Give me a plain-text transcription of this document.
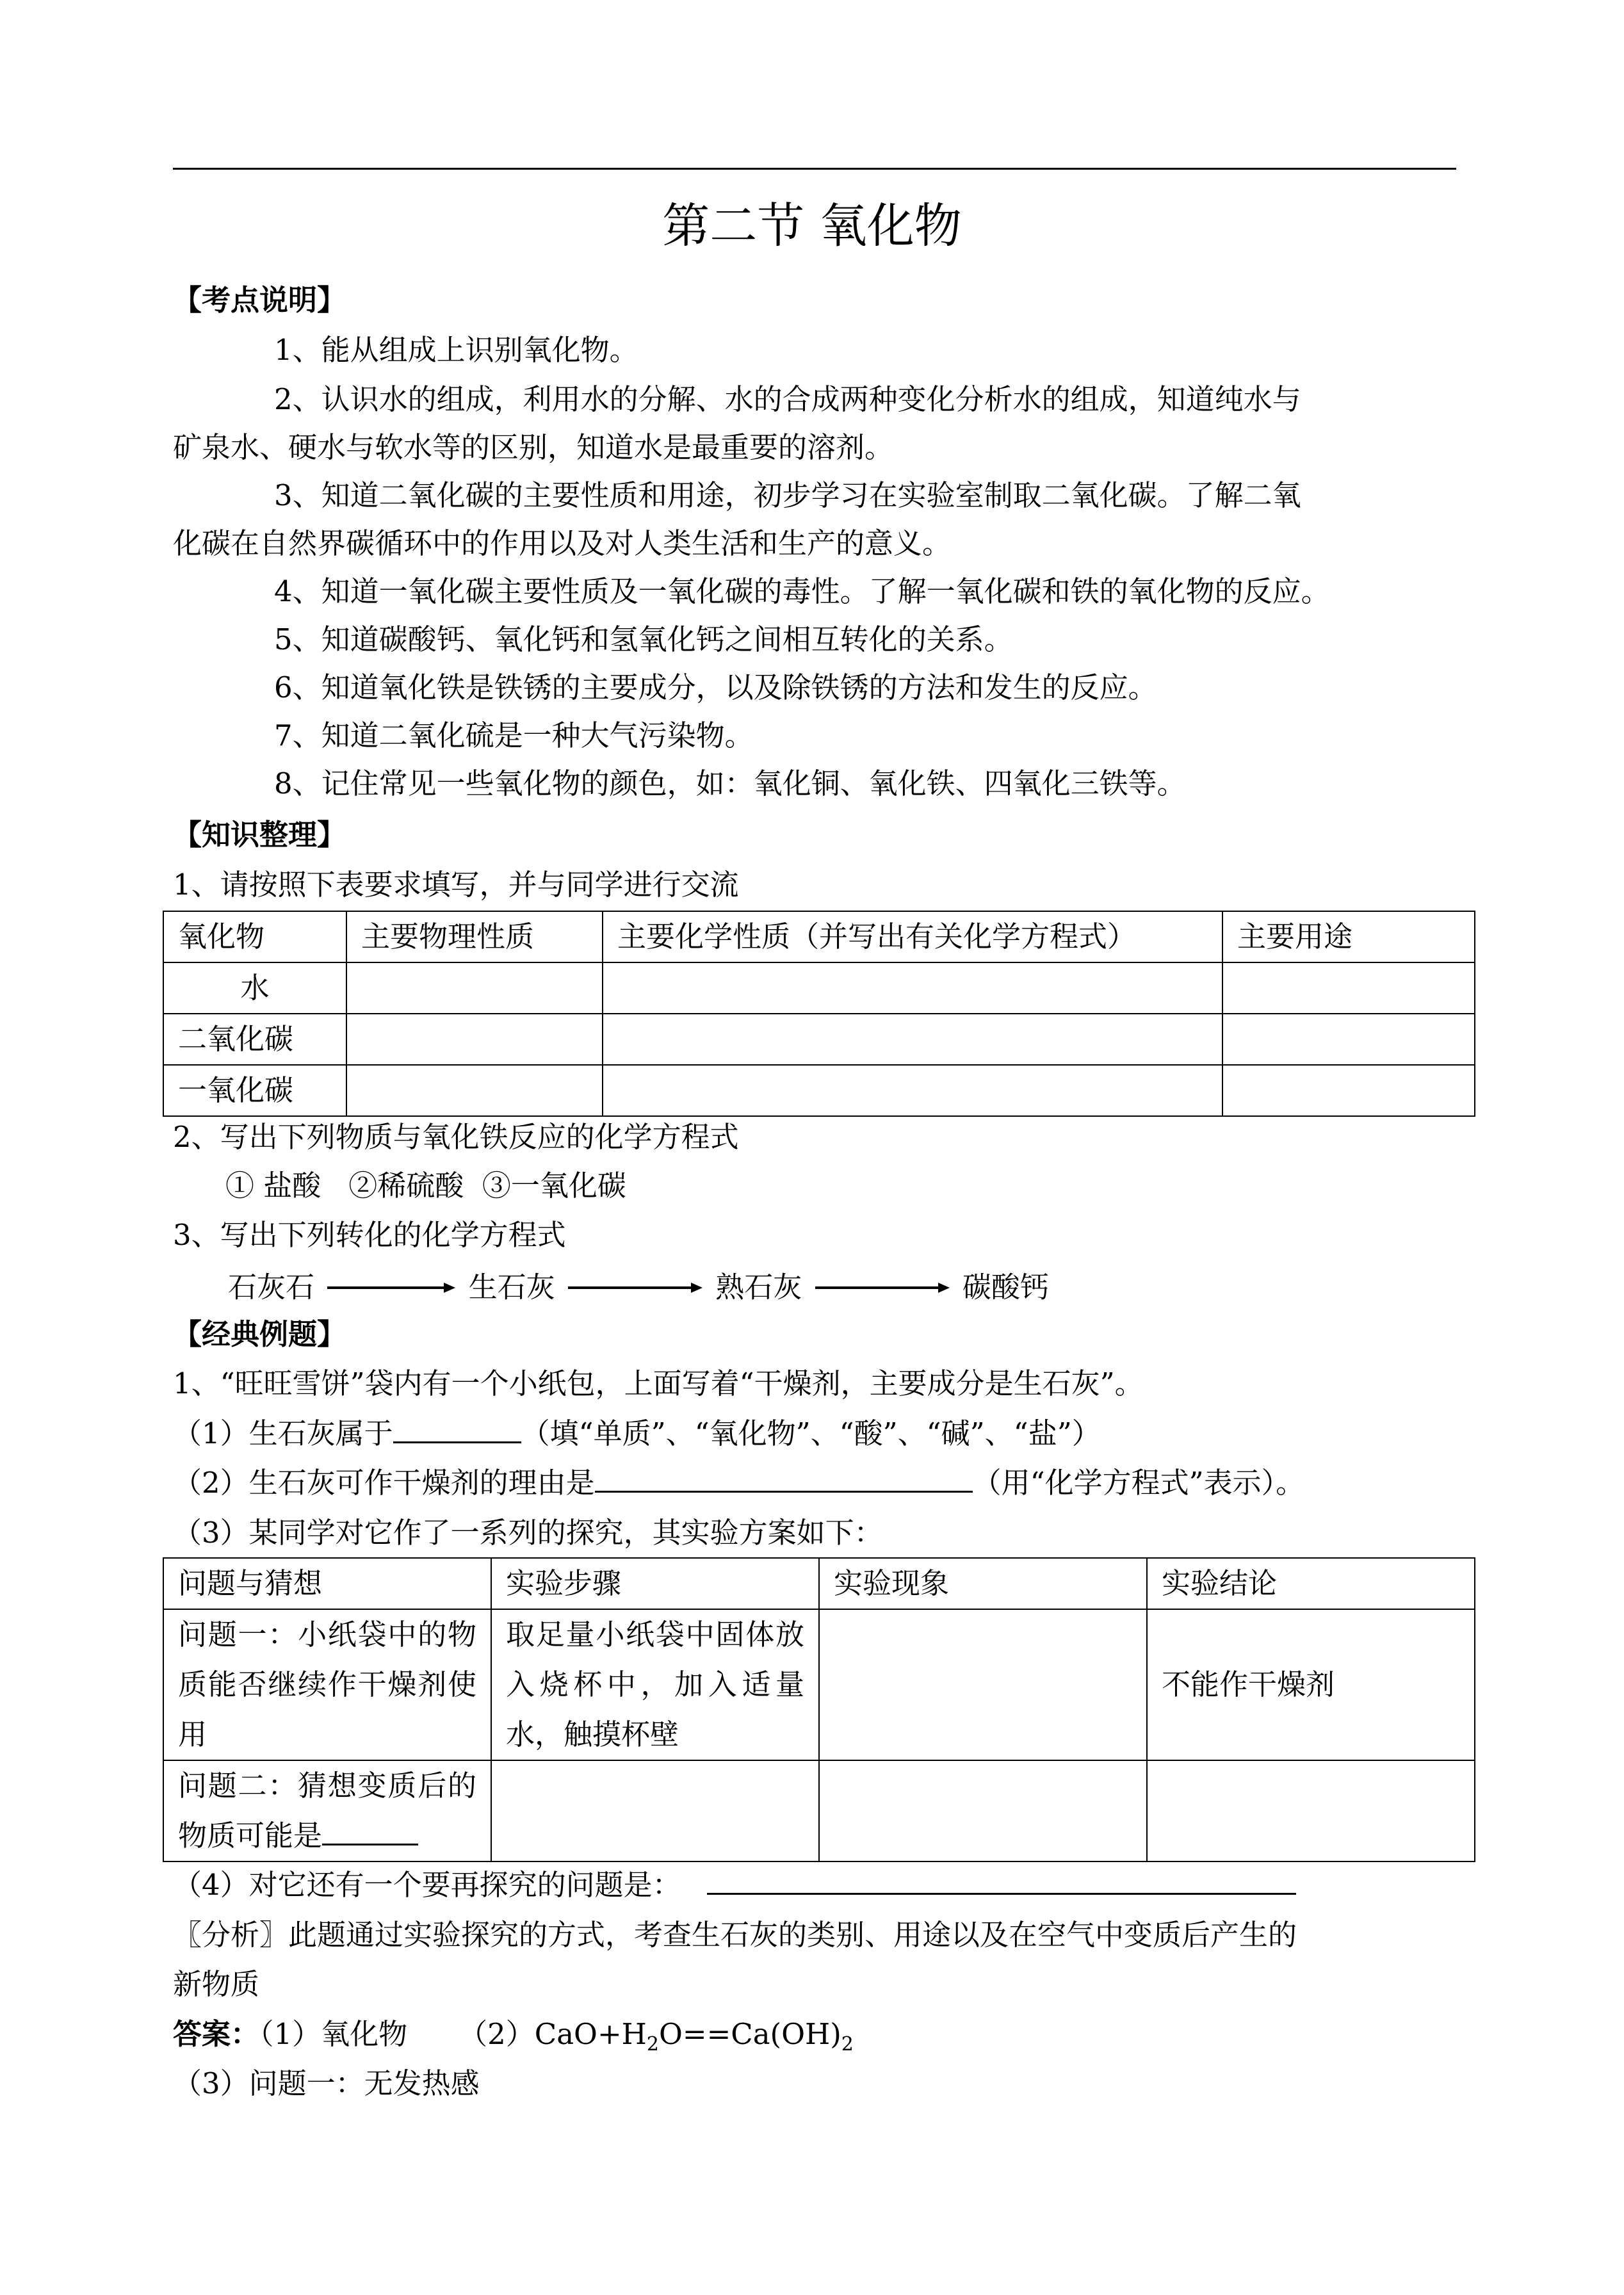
第二节 氧化物
【考点说明】
1、能从组成上识别氧化物。
2、认识水的组成，利用水的分解、水的合成两种变化分析水的组成，知道纯水与
矿泉水、硬水与软水等的区别，知道水是最重要的溶剂。
3、知道二氧化碳的主要性质和用途，初步学习在实验室制取二氧化碳。了解二氧
化碳在自然界碳循环中的作用以及对人类生活和生产的意义。
4、知道一氧化碳主要性质及一氧化碳的毒性。了解一氧化碳和铁的氧化物的反应。
5、知道碳酸钙、氧化钙和氢氧化钙之间相互转化的关系。
6、知道氧化铁是铁锈的主要成分，以及除铁锈的方法和发生的反应。
7、知道二氧化硫是一种大气污染物。
8、记住常见一些氧化物的颜色，如：氧化铜、氧化铁、四氧化三铁等。
【知识整理】
1、请按照下表要求填写，并与同学进行交流
氧化物	主要物理性质	主要化学性质（并写出有关化学方程式）	主要用途
水			
二氧化碳			
一氧化碳			
2、写出下列物质与氧化铁反应的化学方程式
① 盐酸   ②稀硫酸  ③一氧化碳
3、写出下列转化的化学方程式
石灰石	生石灰	熟石灰	碳酸钙
【经典例题】
1、“旺旺雪饼”袋内有一个小纸包，上面写着“干燥剂，主要成分是生石灰”。
（1）生石灰属于	（填“单质”、“氧化物”、“酸”、“碱”、“盐”）
（2）生石灰可作干燥剂的理由是	（用“化学方程式”表示）。
（3）某同学对它作了一系列的探究，其实验方案如下：
问题与猜想	实验步骤	实验现象	实验结论
问题一：小纸袋中的物质能否继续作干燥剂使用	取足量小纸袋中固体放入烧杯中，加入适量水，触摸杯壁		不能作干燥剂
问题二：猜想变质后的物质可能是			
（4）对它还有一个要再探究的问题是：
〖分析〗此题通过实验探究的方式，考查生石灰的类别、用途以及在空气中变质后产生的
新物质
答案：（1）氧化物 $(2)CaO+H_2O==Ca(OH)_2$
（3）问题一：无发热感
